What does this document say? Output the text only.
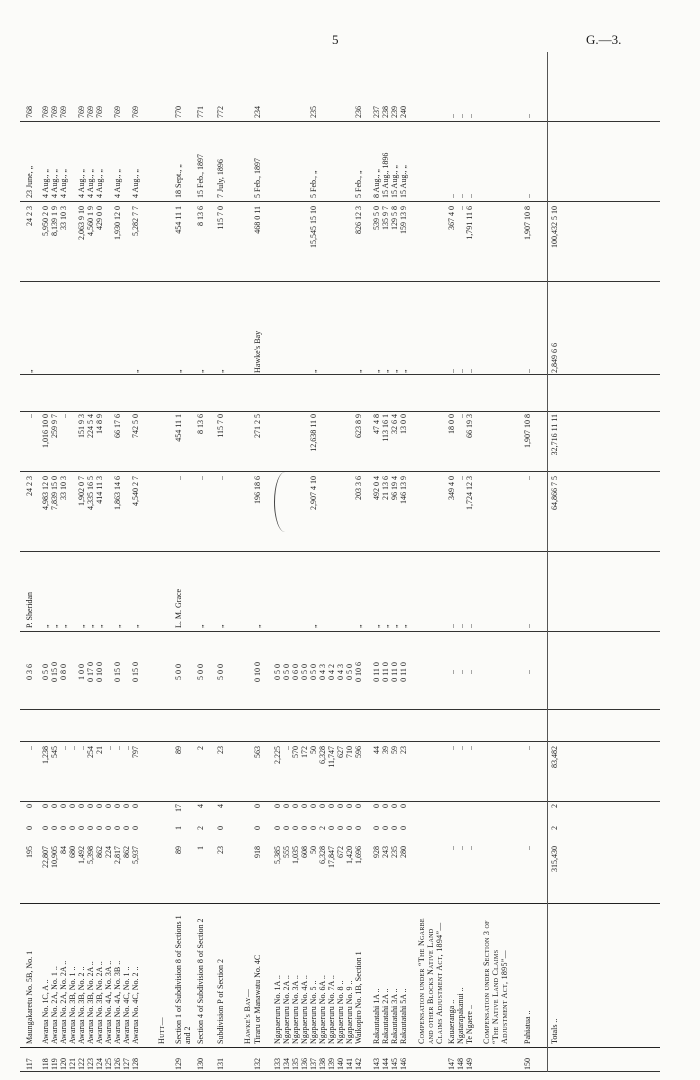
5	G.—3.
117
Maungakaretu No. 5B, No. 1
195
0
0
..
0 3 6
P. Sheridan
24 2 3
..
„
24 2 3
23 June, „
768
118
Awarua No. 1C, A ..
22,807
0
0
1,238
0 5 0
„
4,983 12 0
1,016 10 0
5,950 2 0
4 Aug., „
769
119
Awarua No. 2A, No. 1 ..
10,905
0
0
545
0 15 0
„
7,839 15 0
259 9 7
8,139 1 9
4 Aug., „
769
120
Awarua No. 2A, No. 2A ..
84
0
0
..
0 8 0
„
33 10 3
..
33 10 3
4 Aug., „
769
121
Awarua No. 3B, No. 1 ..
680
0
0
..
122
Awarua No. 3B, No. 2 ..
1,492
0
0
..
1 0 0
„
1,902 0 7
151 9 3
2,063 9 10
4 Aug., „
769
123
Awarua No. 3B, No. 2A ..
5,398
0
0
254
0 17 0
„
4,335 16 5
224 5 4
4,560 1 9
4 Aug., „
769
124
Awarua No. 3B, No. 2A ..
862
0
0
21
0 10 0
„
414 11 3
14 8 9
429 0 0
4 Aug., „
769
125
Awarua No. 4A, No. 3A ..
224
0
0
..
126
Awarua No. 4A, No. 3B ..
2,817
0
0
..
0 15 0
„
1,863 14 6
66 17 6
1,930 12 0
4 Aug., „
769
127
Awarua No. 4C, No. 1 ..
862
0
0
..
128
Awarua No. 4C, No. 2 ..
5,937
0
0
797
0 15 0
„
4,540 2 7
742 5 0
„
5,282 7 7
4 Aug., „
769
Hutt—
129
Section 1 of Subdivision 8 of Sections 1 and 2
89
1
17
89
5 0 0
L. M. Grace
..
454 11 1
„
454 11 1
18 Sept., „
770
130
Section 4 of Subdivision 8 of Section 2
1
2
4
2
5 0 0
„
..
8 13 6
„
8 13 6
15 Feb., 1897
771
131
Subdivision P of Section 2
23
0
4
23
5 0 0
„
..
115 7 0
„
115 7 0
7 July, 1896
772
Hawke's Bay—
132
Tiraru or Manawatu No. 4C
918
0
0
563
0 10 0
„
196 18 6
271 2 5
Hawke's Bay
468 0 11
5 Feb., 1897
234
133
Ngapaeruru No. 1A ..
5,385
0
0
2,225
0 5 0
134
Ngapaeruru No. 2A ..
555
0
0
..
0 5 0
135
Ngapaeruru No. 3A ..
1,035
0
0
570
0 6 0
136
Ngapaeruru No. 4A ..
608
0
0
172
0 5 0
137
Ngapaeruru No. 5 ..
50
0
0
50
0 5 0
„
2,907 4 10
12,638 11 0
„
15,545 15 10
5 Feb., „
235
138
Ngapaeruru No. 6A ..
6,328
2
0
6,328
0 4 3
139
Ngapaeruru No. 7A ..
17,847
0
0
11,747
0 4 2
140
Ngapaeruru No. 8 ..
672
0
0
627
0 4 3
141
Ngapaeruru No. 9 ..
1,420
0
0
710
0 5 0
142
Waikopiro No. 1B, Section 1
1,696
0
0
596
0 10 6
„
203 3 6
623 8 9
„
826 12 3
5 Feb., „
236
143
Rakautatahi 1A ..
928
0
0
44
0 11 0
„
492 0 4
47 4 8
„
539 5 0
8 Aug., „
237
144
Rakautatahi 2A ..
243
0
0
39
0 11 0
„
21 13 6
113 16 1
„
135 9 7
15 Aug., 1896
238
145
Rakautatahi 3A ..
235
0
0
59
0 11 0
„
96 19 4
32 6 4
„
129 5 8
15 Aug., „
239
146
Rakautatahi 5A ..
280
0
0
23
0 11 0
„
146 13 9
13 0 0
„
159 13 9
15 Aug., „
240
Compensation under “The Ngarbe and other Blocks Native Land Claims Adjustment Act, 1894”—
147
Kauaeranga ..
..
..
..
..
349 4 0
18 0 0
..
367 4 0
..
..
148
Ngatarapakanui ..
..
..
..
..
..
..
..
..
..
..
149
Te Ngaere ..
..
..
..
..
1,724 12 3
66 19 3
..
1,791 11 6
..
..
Compensation under Section 3 of “The Native Land Claims Adjustment Act, 1895”—
150
Pahiatua ..
..
..
..
..
..
1,907 10 8
..
1,907 10 8
..
..
Totals ..
315,430
2
2
83,482
64,866 7 5
32,716 11 11
2,849 6 6
100,432 5 10
